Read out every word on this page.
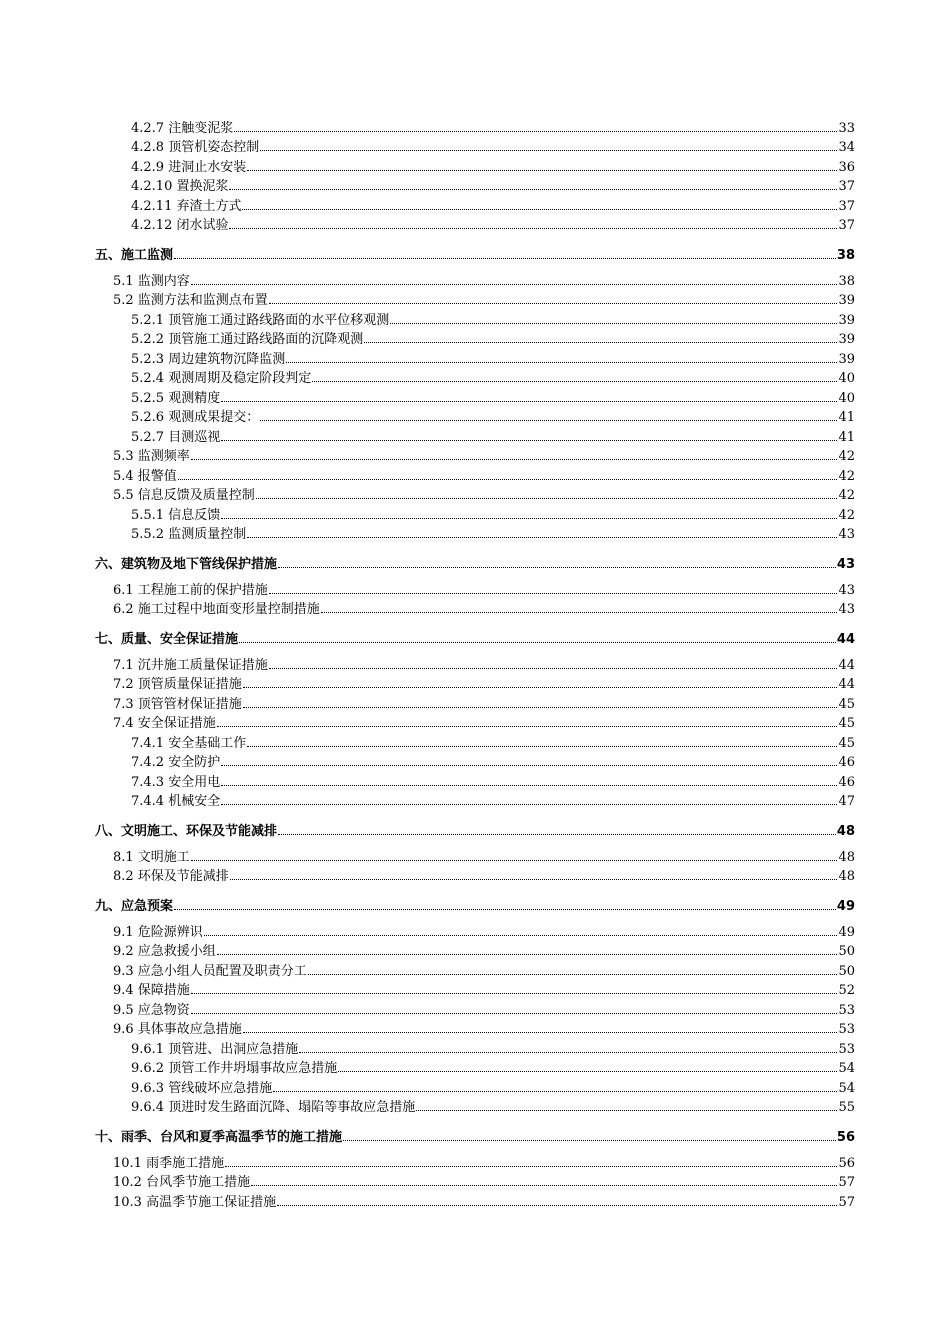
4.2.7 注触变泥浆	33
4.2.8 顶管机姿态控制	34
4.2.9 进洞止水安装	36
4.2.10 置换泥浆	37
4.2.11 弃渣土方式	37
4.2.12 闭水试验	37
五、施工监测	38
5.1 监测内容	38
5.2 监测方法和监测点布置	39
5.2.1 顶管施工通过路线路面的水平位移观测	39
5.2.2 顶管施工通过路线路面的沉降观测	39
5.2.3 周边建筑物沉降监测	39
5.2.4 观测周期及稳定阶段判定	40
5.2.5 观测精度	40
5.2.6 观测成果提交：	41
5.2.7 目测巡视	41
5.3 监测频率	42
5.4 报警值	42
5.5 信息反馈及质量控制	42
5.5.1 信息反馈	42
5.5.2 监测质量控制	43
六、建筑物及地下管线保护措施	43
6.1 工程施工前的保护措施	43
6.2 施工过程中地面变形量控制措施	43
七、质量、安全保证措施	44
7.1 沉井施工质量保证措施	44
7.2 顶管质量保证措施	44
7.3 顶管管材保证措施	45
7.4 安全保证措施	45
7.4.1 安全基础工作	45
7.4.2 安全防护	46
7.4.3 安全用电	46
7.4.4 机械安全	47
八、文明施工、环保及节能减排	48
8.1 文明施工	48
8.2 环保及节能减排	48
九、应急预案	49
9.1 危险源辨识	49
9.2 应急救援小组	50
9.3 应急小组人员配置及职责分工	50
9.4 保障措施	52
9.5 应急物资	53
9.6 具体事故应急措施	53
9.6.1 顶管进、出洞应急措施	53
9.6.2 顶管工作井坍塌事故应急措施	54
9.6.3 管线破坏应急措施	54
9.6.4 顶进时发生路面沉降、塌陷等事故应急措施	55
十、雨季、台风和夏季高温季节的施工措施	56
10.1 雨季施工措施	56
10.2 台风季节施工措施	57
10.3 高温季节施工保证措施	57
